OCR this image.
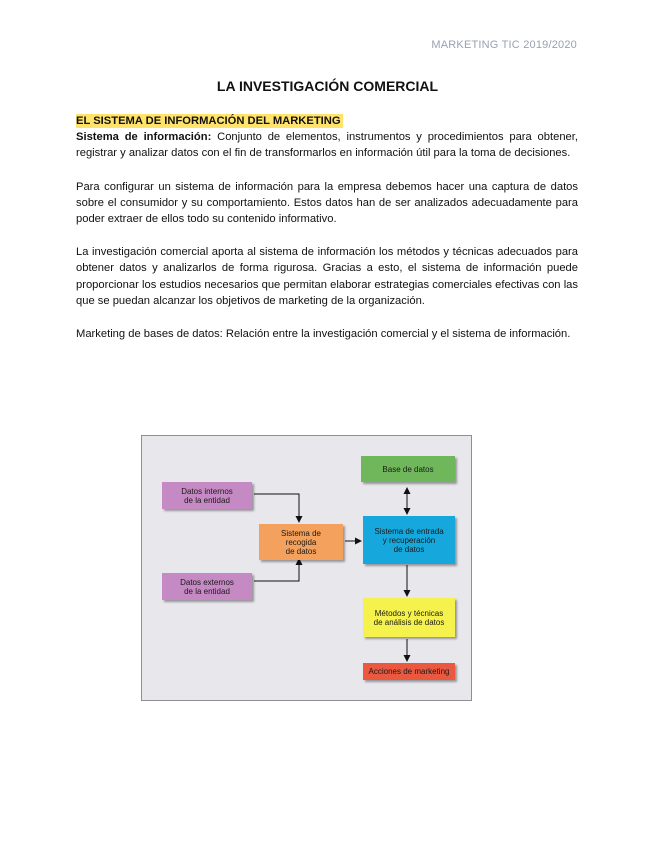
MARKETING TIC 2019/2020
LA INVESTIGACIÓN COMERCIAL
EL SISTEMA DE INFORMACIÓN DEL MARKETING

Sistema de información: Conjunto de elementos, instrumentos y procedimientos para obtener, registrar y analizar datos con el fin de transformarlos en información útil para la toma de decisiones.

Para configurar un sistema de información para la empresa debemos hacer una captura de datos sobre el consumidor y su comportamiento. Estos datos han de ser analizados adecuadamente para poder extraer de ellos todo su contenido informativo.

La investigación comercial aporta al sistema de información los métodos y técnicas adecuados para obtener datos y analizarlos de forma rigurosa. Gracias a esto, el sistema de información puede proporcionar los estudios necesarios que permitan elaborar estrategias comerciales efectivas con las que se puedan alcanzar los objetivos de marketing de la organización.

Marketing de bases de datos: Relación entre la investigación comercial y el sistema de información.

Datos internos
de la entidad
Datos externos
de la entidad
Sistema de
recogida
de datos
Base de datos
Sistema de entrada
y recuperación
de datos
Métodos y técnicas
de análisis de datos
Acciones de marketing
